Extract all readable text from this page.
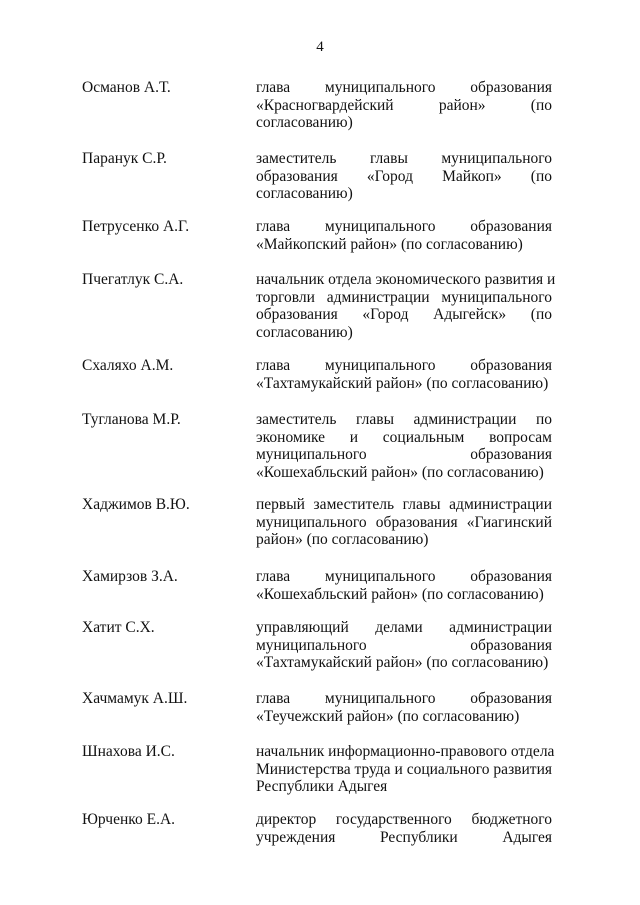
4
Османов А.Т.	глава муниципального образования
«Красногвардейский район» (по
согласованию)
Паранук С.Р.	заместитель главы муниципального
образования «Город Майкоп» (по
согласованию)
Петрусенко А.Г.	глава муниципального образования
«Майкопский район» (по согласованию)
Пчегатлук С.А.	начальник отдела экономического развития и
торговли администрации муниципального
образования «Город Адыгейск» (по
согласованию)
Схаляхо А.М.	глава муниципального образования
«Тахтамукайский район» (по согласованию)
Тугланова М.Р.	заместитель главы администрации по
экономике и социальным вопросам
муниципального образования
«Кошехабльский район» (по согласованию)
Хаджимов В.Ю.	первый заместитель главы администрации
муниципального образования «Гиагинский
район» (по согласованию)
Хамирзов З.А.	глава муниципального образования
«Кошехабльский район» (по согласованию)
Хатит С.Х.	управляющий делами администрации
муниципального образования
«Тахтамукайский район» (по согласованию)
Хачмамук А.Ш.	глава муниципального образования
«Теучежский район» (по согласованию)
Шнахова И.С.	начальник информационно-правового отдела
Министерства труда и социального развития
Республики Адыгея
Юрченко Е.А.	директор государственного бюджетного
учреждения Республики Адыгея
